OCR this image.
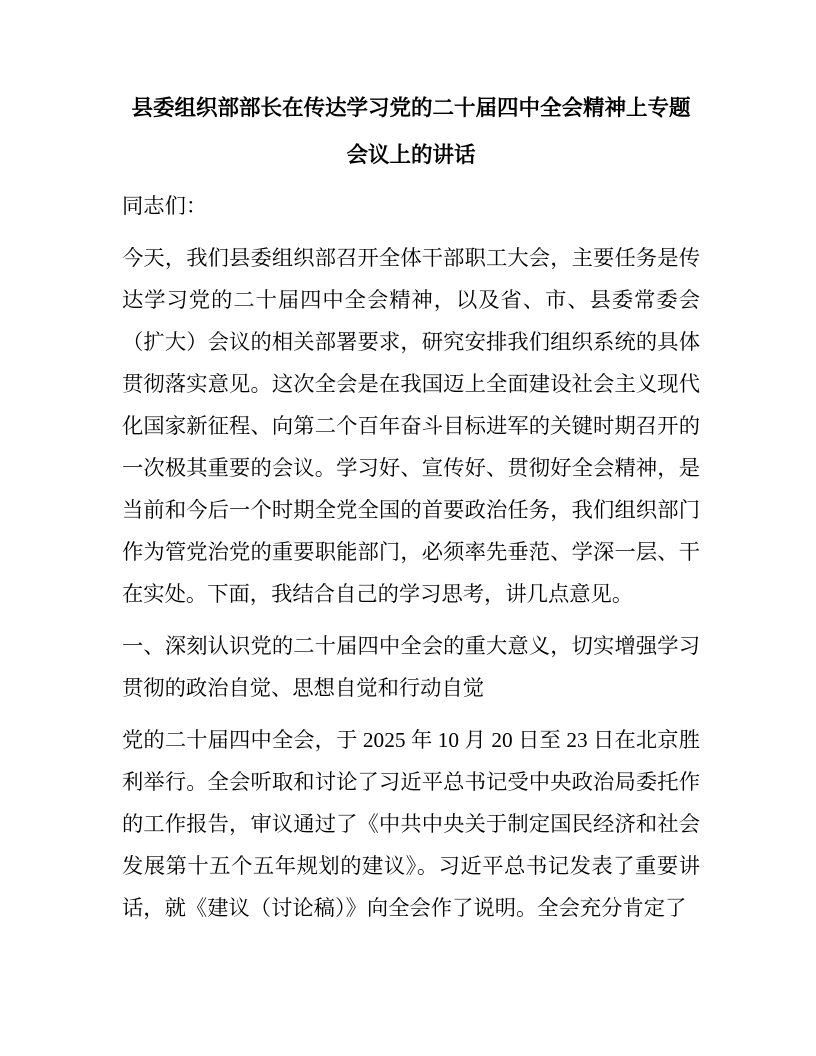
县委组织部部长在传达学习党的二十届四中全会精神上专题
会议上的讲话

同志们：

今天，我们县委组织部召开全体干部职工大会，主要任务是传达学习党的二十届四中全会精神，以及省、市、县委常委会（扩大）会议的相关部署要求，研究安排我们组织系统的具体贯彻落实意见。这次全会是在我国迈上全面建设社会主义现代化国家新征程、向第二个百年奋斗目标进军的关键时期召开的一次极其重要的会议。学习好、宣传好、贯彻好全会精神，是当前和今后一个时期全党全国的首要政治任务，我们组织部门作为管党治党的重要职能部门，必须率先垂范、学深一层、干在实处。下面，我结合自己的学习思考，讲几点意见。

一、深刻认识党的二十届四中全会的重大意义，切实增强学习贯彻的政治自觉、思想自觉和行动自觉

党的二十届四中全会，于 2025 年 10 月 20 日至 23 日在北京胜利举行。全会听取和讨论了习近平总书记受中央政治局委托作的工作报告，审议通过了《中共中央关于制定国民经济和社会发展第十五个五年规划的建议》。习近平总书记发表了重要讲话，就《建议（讨论稿）》向全会作了说明。全会充分肯定了
